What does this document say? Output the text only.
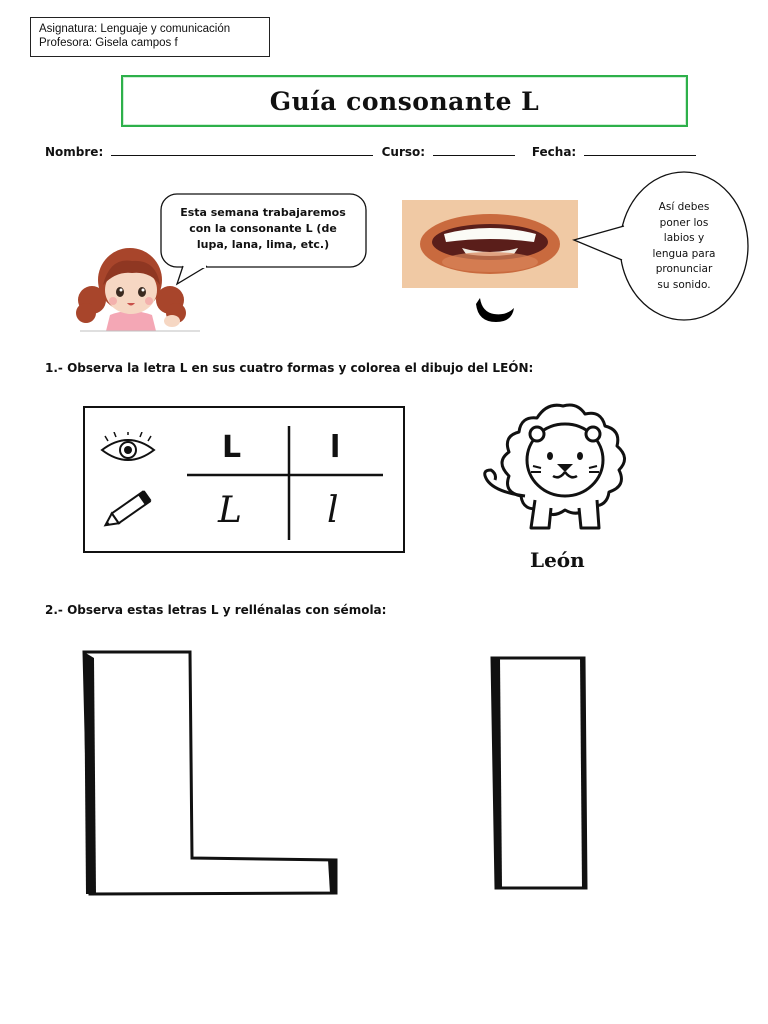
Asignatura: Lenguaje y comunicación
Profesora: Gisela campos f
Guía consonante L
Nombre:	Curso:	Fecha:
Esta semana trabajaremos
con la consonante L (de
lupa, lana, lima, etc.)
Así debes
poner los
labios y
lengua para
pronunciar
su sonido.
1.- Observa la letra L en sus cuatro formas y colorea el dibujo del LEÓN:
L	l
L l
León
2.- Observa estas letras L y rellénalas con sémola:
